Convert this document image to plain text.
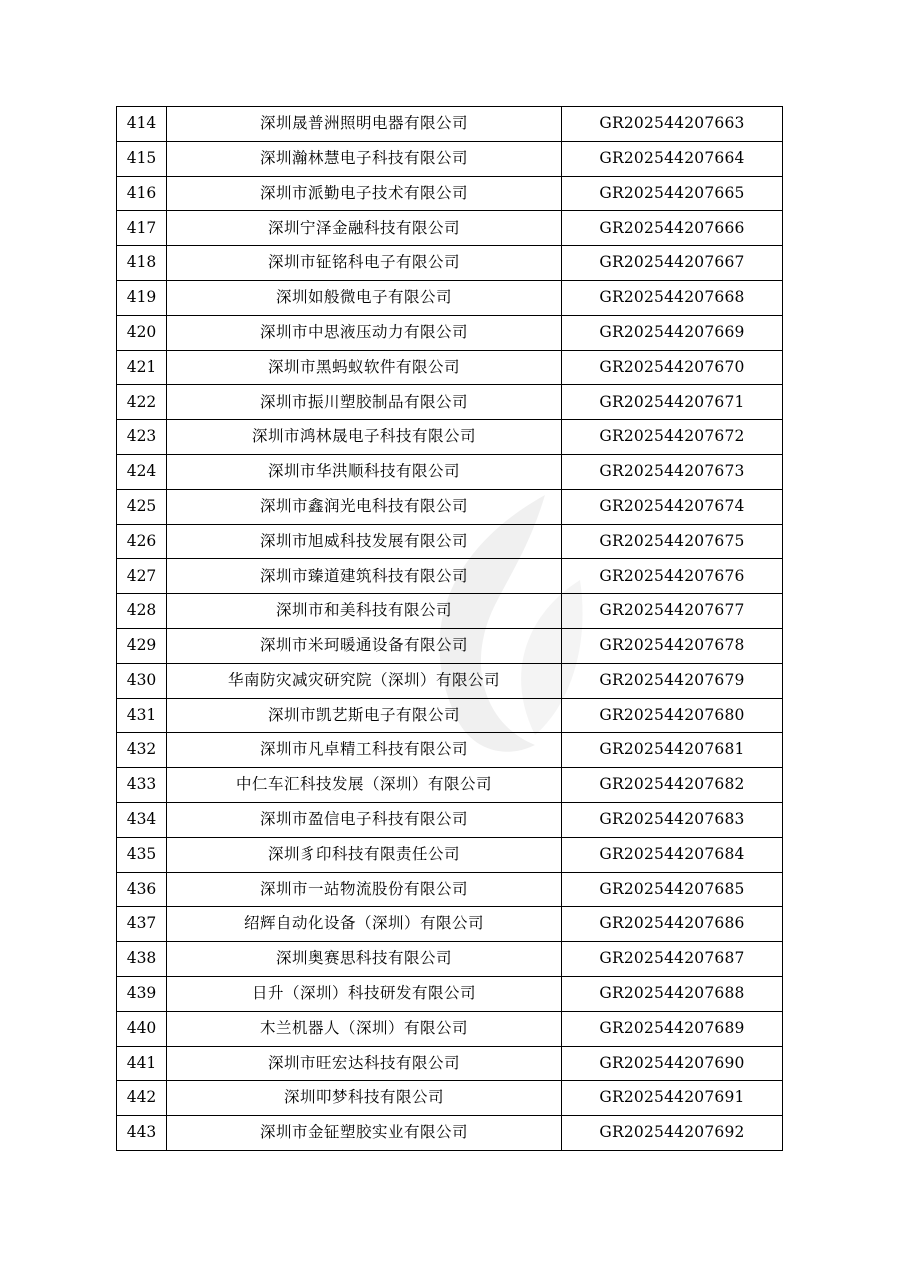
414	深圳晟普洲照明电器有限公司	GR202544207663
415	深圳瀚林慧电子科技有限公司	GR202544207664
416	深圳市派勤电子技术有限公司	GR202544207665
417	深圳宁泽金融科技有限公司	GR202544207666
418	深圳市钲铭科电子有限公司	GR202544207667
419	深圳如般微电子有限公司	GR202544207668
420	深圳市中思液压动力有限公司	GR202544207669
421	深圳市黑蚂蚁软件有限公司	GR202544207670
422	深圳市振川塑胶制品有限公司	GR202544207671
423	深圳市鸿林晟电子科技有限公司	GR202544207672
424	深圳市华洪顺科技有限公司	GR202544207673
425	深圳市鑫润光电科技有限公司	GR202544207674
426	深圳市旭威科技发展有限公司	GR202544207675
427	深圳市臻道建筑科技有限公司	GR202544207676
428	深圳市和美科技有限公司	GR202544207677
429	深圳市米珂暖通设备有限公司	GR202544207678
430	华南防灾减灾研究院（深圳）有限公司	GR202544207679
431	深圳市凯艺斯电子有限公司	GR202544207680
432	深圳市凡卓精工科技有限公司	GR202544207681
433	中仁车汇科技发展（深圳）有限公司	GR202544207682
434	深圳市盈信电子科技有限公司	GR202544207683
435	深圳豸印科技有限责任公司	GR202544207684
436	深圳市一站物流股份有限公司	GR202544207685
437	绍辉自动化设备（深圳）有限公司	GR202544207686
438	深圳奥赛思科技有限公司	GR202544207687
439	日升（深圳）科技研发有限公司	GR202544207688
440	木兰机器人（深圳）有限公司	GR202544207689
441	深圳市旺宏达科技有限公司	GR202544207690
442	深圳叩梦科技有限公司	GR202544207691
443	深圳市金钲塑胶实业有限公司	GR202544207692
